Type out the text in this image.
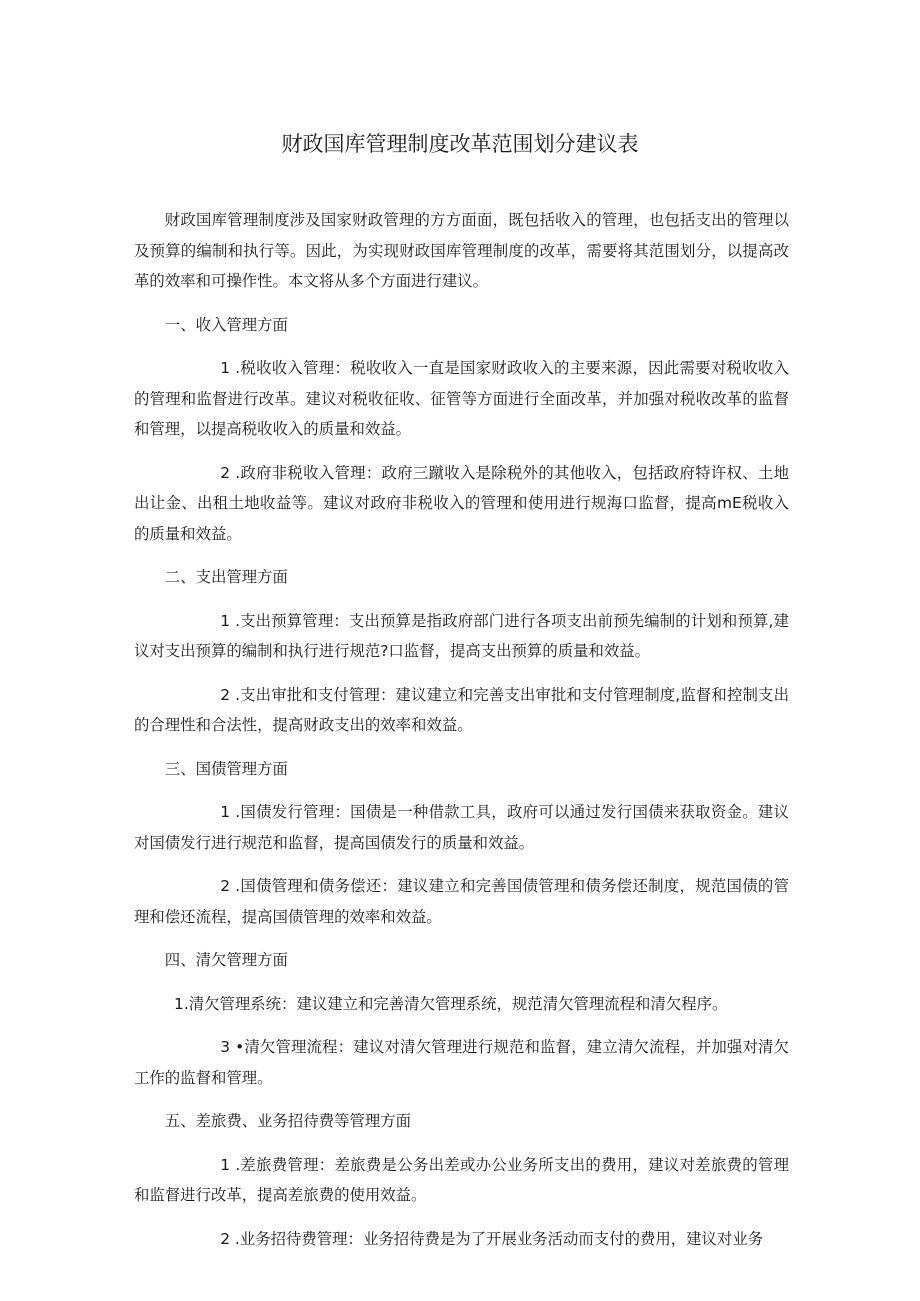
财政国库管理制度改革范围划分建议表

财政国库管理制度涉及国家财政管理的方方面面，既包括收入的管理，也包括支出的管理以及预算的编制和执行等。因此，为实现财政国库管理制度的改革，需要将其范围划分，以提高改革的效率和可操作性。本文将从多个方面进行建议。

一、收入管理方面

1 .税收收入管理：税收收入一直是国家财政收入的主要来源，因此需要对税收收入的管理和监督进行改革。建议对税收征收、征管等方面进行全面改革，并加强对税收改革的监督和管理，以提高税收收入的质量和效益。

2 .政府非税收入管理：政府三蹴收入是除税外的其他收入，包括政府特许权、土地出让金、出租土地收益等。建议对政府非税收入的管理和使用进行规海口监督，提高mE税收入的质量和效益。

二、支出管理方面

1 .支出预算管理：支出预算是指政府部门进行各项支出前预先编制的计划和预算,建议对支出预算的编制和执行进行规范?口监督，提高支出预算的质量和效益。

2 .支出审批和支付管理：建议建立和完善支出审批和支付管理制度,监督和控制支出的合理性和合法性，提高财政支出的效率和效益。

三、国债管理方面

1 .国债发行管理：国债是一种借款工具，政府可以通过发行国债来获取资金。建议对国债发行进行规范和监督，提高国债发行的质量和效益。

2 .国债管理和债务偿还：建议建立和完善国债管理和债务偿还制度，规范国债的管理和偿还流程，提高国债管理的效率和效益。

四、清欠管理方面

1.清欠管理系统：建议建立和完善清欠管理系统，规范清欠管理流程和清欠程序。

3 •清欠管理流程：建议对清欠管理进行规范和监督，建立清欠流程，并加强对清欠工作的监督和管理。

五、差旅费、业务招待费等管理方面

1 .差旅费管理：差旅费是公务出差或办公业务所支出的费用，建议对差旅费的管理和监督进行改革，提高差旅费的使用效益。

2 .业务招待费管理：业务招待费是为了开展业务活动而支付的费用，建议对业务
